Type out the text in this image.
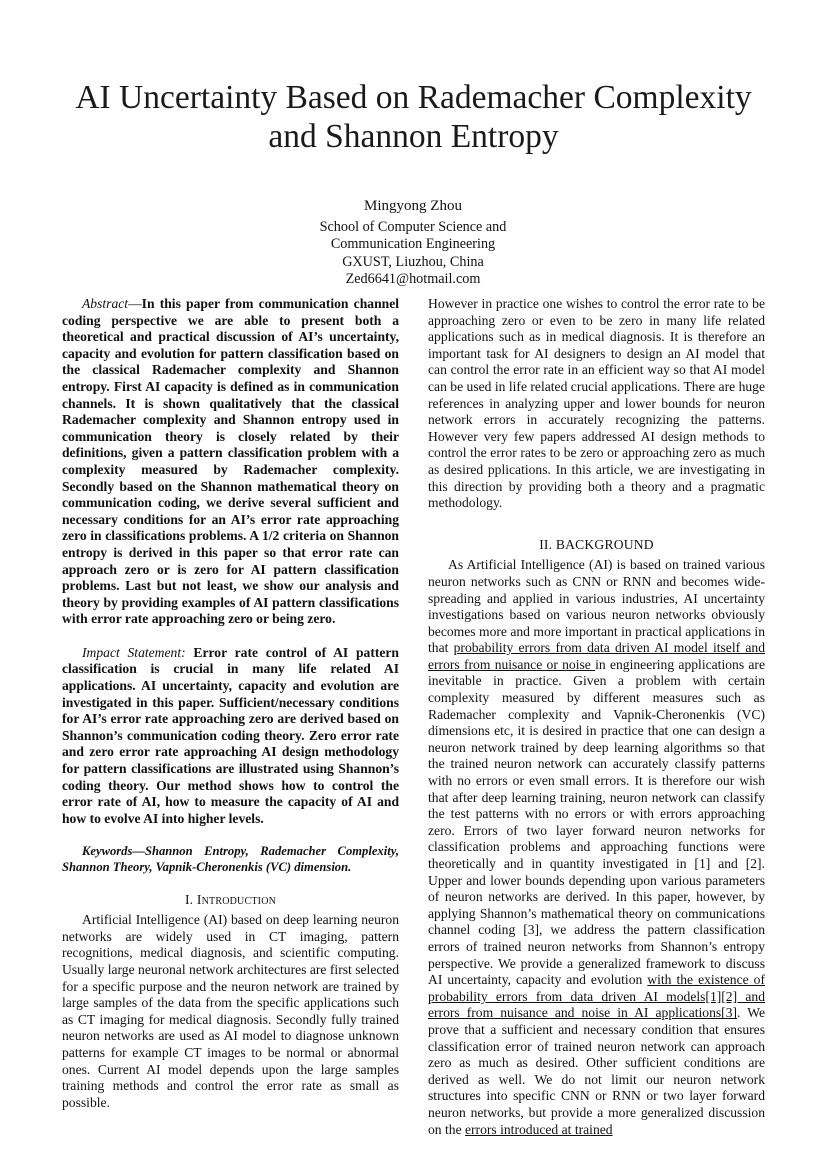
AI Uncertainty Based on Rademacher Complexity
and Shannon Entropy
Mingyong Zhou
School of Computer Science and
Communication Engineering
GXUST, Liuzhou, China
Zed6641@hotmail.com

Abstract—In this paper from communication channel coding perspective we are able to present both a theoretical and practical discussion of AI’s uncertainty, capacity and evolution for pattern classification based on the classical Rademacher complexity and Shannon entropy. First AI capacity is defined as in communication channels. It is shown qualitatively that the classical Rademacher complexity and Shannon entropy used in communication theory is closely related by their definitions, given a pattern classification problem with a complexity measured by Rademacher complexity. Secondly based on the Shannon mathematical theory on communication coding, we derive several sufficient and necessary conditions for an AI’s error rate approaching zero in classifications problems. A 1/2 criteria on Shannon entropy is derived in this paper so that error rate can approach zero or is zero for AI pattern classification problems. Last but not least, we show our analysis and theory by providing examples of AI pattern classifications with error rate approaching zero or being zero.

Impact Statement: Error rate control of AI pattern classification is crucial in many life related AI applications. AI uncertainty, capacity and evolution are investigated in this paper. Sufficient/necessary conditions for AI’s error rate approaching zero are derived based on Shannon’s communication coding theory. Zero error rate and zero error rate approaching AI design methodology for pattern classifications are illustrated using Shannon’s coding theory. Our method shows how to control the error rate of AI, how to measure the capacity of AI and how to evolve AI into higher levels.

Keywords—Shannon Entropy, Rademacher Complexity, Shannon Theory, Vapnik-Cheronenkis (VC) dimension.

I. Introduction

Artificial Intelligence (AI) based on deep learning neuron networks are widely used in CT imaging, pattern recognitions, medical diagnosis, and scientific computing. Usually large neuronal network architectures are first selected for a specific purpose and the neuron network are trained by large samples of the data from the specific applications such as CT imaging for medical diagnosis. Secondly fully trained neuron networks are used as AI model to diagnose unknown patterns for example CT images to be normal or abnormal ones. Current AI model depends upon the large samples training methods and control the error rate as small as possible.

However in practice one wishes to control the error rate to be approaching zero or even to be zero in many life related applications such as in medical diagnosis. It is therefore an important task for AI designers to design an AI model that can control the error rate in an efficient way so that AI model can be used in life related crucial applications. There are huge references in analyzing upper and lower bounds for neuron network errors in accurately recognizing the patterns. However very few papers addressed AI design methods to control the error rates to be zero or approaching zero as much as desired pplications. In this article, we are investigating in this direction by providing both a theory and a pragmatic methodology.

II. BACKGROUND

As Artificial Intelligence (AI) is based on trained various neuron networks such as CNN or RNN and becomes wide-spreading and applied in various industries, AI uncertainty investigations based on various neuron networks obviously becomes more and more important in practical applications in that probability errors from data driven AI model itself and errors from nuisance or noise in engineering applications are inevitable in practice. Given a problem with certain complexity measured by different measures such as Rademacher complexity and Vapnik-Cheronenkis (VC) dimensions etc, it is desired in practice that one can design a neuron network trained by deep learning algorithms so that the trained neuron network can accurately classify patterns with no errors or even small errors. It is therefore our wish that after deep learning training, neuron network can classify the test patterns with no errors or with errors approaching zero. Errors of two layer forward neuron networks for classification problems and approaching functions were theoretically and in quantity investigated in [1] and [2]. Upper and lower bounds depending upon various parameters of neuron networks are derived. In this paper, however, by applying Shannon’s mathematical theory on communications channel coding [3], we address the pattern classification errors of trained neuron networks from Shannon’s entropy perspective. We provide a generalized framework to discuss AI uncertainty, capacity and evolution with the existence of probability errors from data driven AI models[1][2] and errors from nuisance and noise in AI applications[3]. We prove that a sufficient and necessary condition that ensures classification error of trained neuron network can approach zero as much as desired. Other sufficient conditions are derived as well. We do not limit our neuron network structures into specific CNN or RNN or two layer forward neuron networks, but provide a more generalized discussion on the errors introduced at trained
